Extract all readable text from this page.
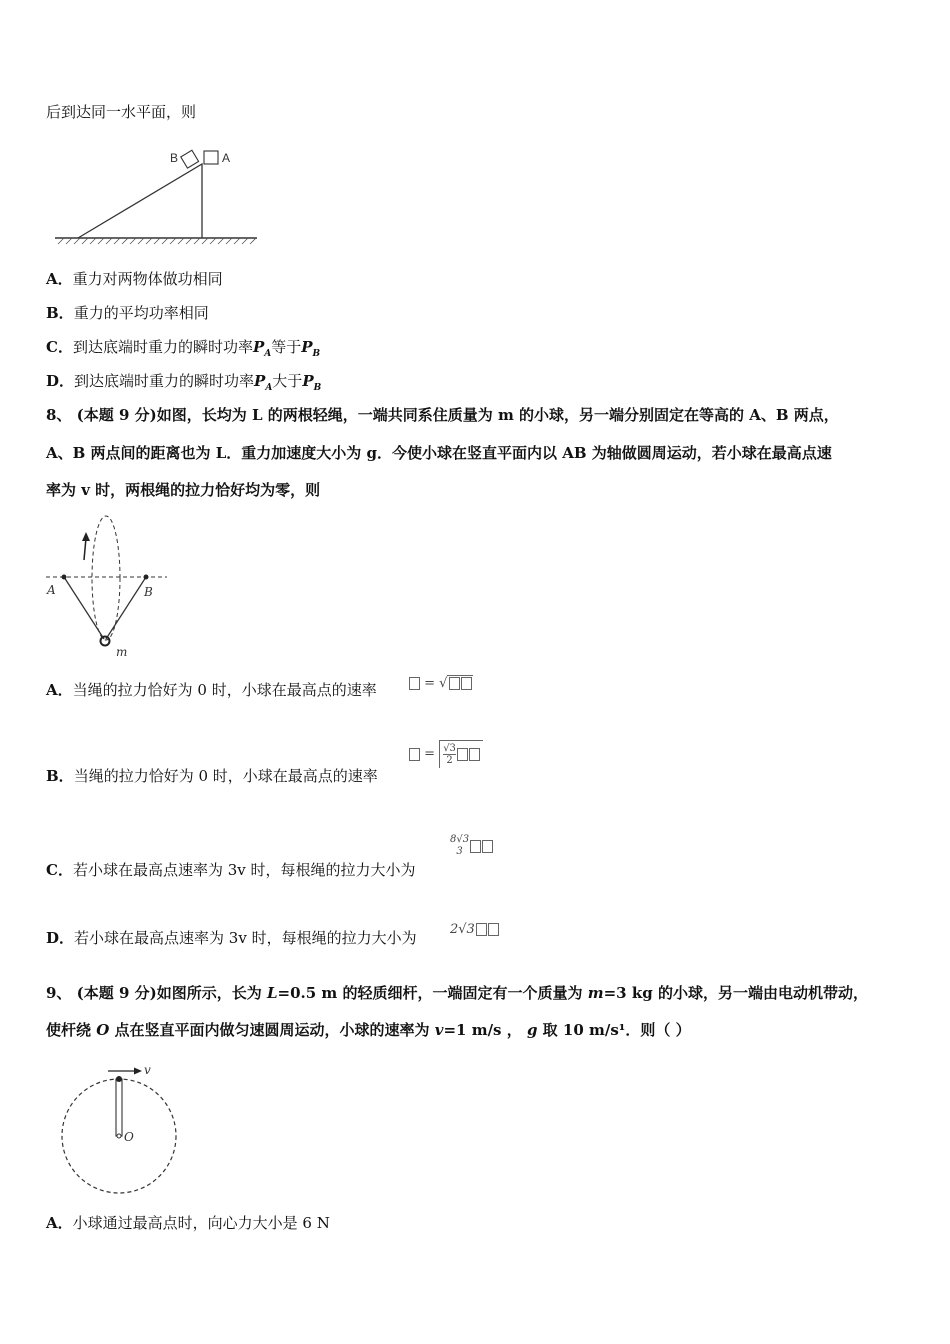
后到达同一水平面，则
B	A
A．重力对两物体做功相同
B．重力的平均功率相同
C．到达底端时重力的瞬时功率$P_A$等于$P_B$
D．到达底端时重力的瞬时功率$P_A$大于$P_B$
8、 (本题 9 分)如图，长均为 L 的两根轻绳，一端共同系住质量为 m 的小球，另一端分别固定在等高的 A、B 两点，
A、B 两点间的距离也为 L．重力加速度大小为 g．今使小球在竖直平面内以 AB 为轴做圆周运动，若小球在最高点速
率为 v 时，两根绳的拉力恰好均为零，则
A	B
m
A．当绳的拉力恰好为 0 时，小球在最高点的速率	= √
B．当绳的拉力恰好为 0 时，小球在最高点的速率
= $\frac{√3}{2}$
C．若小球在最高点速率为 3v 时，每根绳的拉力大小为
8√3
3
D．若小球在最高点速率为 3v 时，每根绳的拉力大小为	2√3
9、 (本题 9 分)如图所示，长为 L=0.5 m 的轻质细杆，一端固定有一个质量为 m=3 kg 的小球，另一端由电动机带动，
使杆绕 O 点在竖直平面内做匀速圆周运动，小球的速率为 v=1 m/s ， g 取 10 m/s¹．则（ ）
v
O
A．小球通过最高点时，向心力大小是 6 N
